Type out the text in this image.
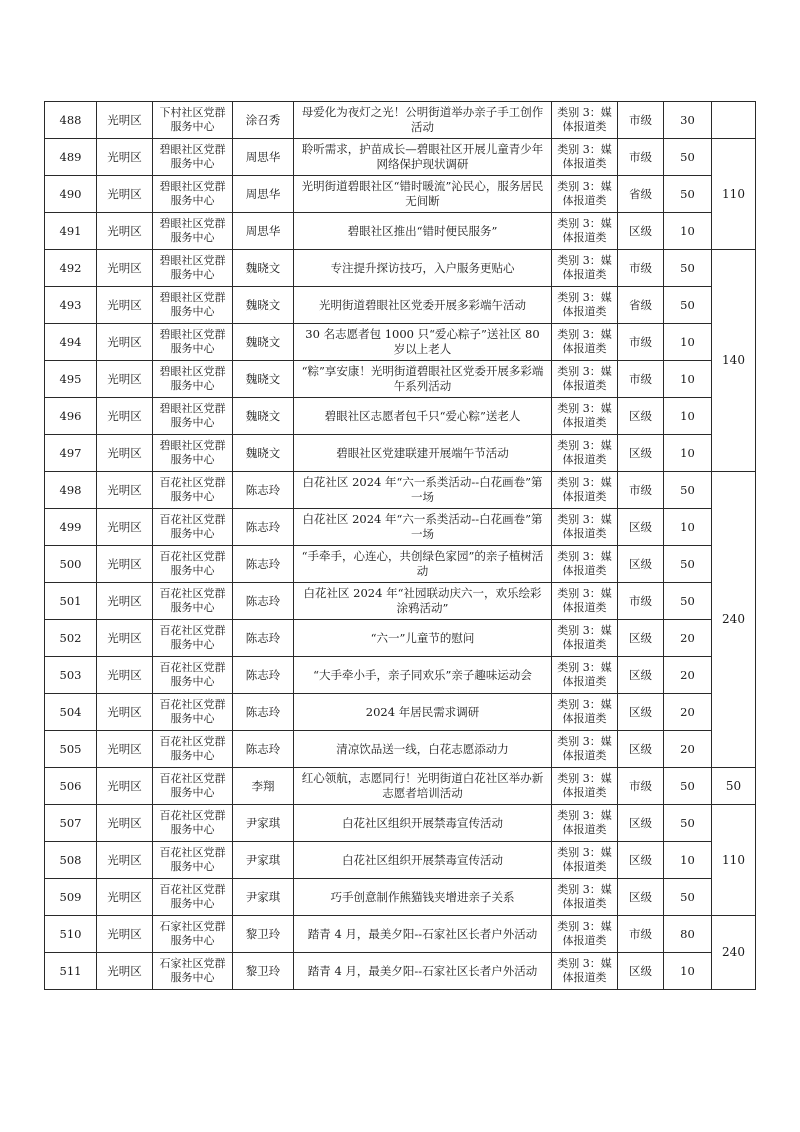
488	光明区	下村社区党群服务中心	涂召秀	母爱化为夜灯之光！公明街道举办亲子手工创作活动	类别 3：媒体报道类	市级	30	
489	光明区	碧眼社区党群服务中心	周思华	聆听需求，护苗成长—碧眼社区开展儿童青少年网络保护现状调研	类别 3：媒体报道类	市级	50	110
490	光明区	碧眼社区党群服务中心	周思华	光明街道碧眼社区“错时暖流”沁民心，服务居民无间断	类别 3：媒体报道类	省级	50	
491	光明区	碧眼社区党群服务中心	周思华	碧眼社区推出“错时便民服务”	类别 3：媒体报道类	区级	10	
492	光明区	碧眼社区党群服务中心	魏晓文	专注提升探访技巧，入户服务更贴心	类别 3：媒体报道类	市级	50	140
493	光明区	碧眼社区党群服务中心	魏晓文	光明街道碧眼社区党委开展多彩端午活动	类别 3：媒体报道类	省级	50	
494	光明区	碧眼社区党群服务中心	魏晓文	30 名志愿者包 1000 只“爱心粽子”送社区 80 岁以上老人	类别 3：媒体报道类	市级	10	
495	光明区	碧眼社区党群服务中心	魏晓文	“粽”享安康！光明街道碧眼社区党委开展多彩端午系列活动	类别 3：媒体报道类	市级	10	
496	光明区	碧眼社区党群服务中心	魏晓文	碧眼社区志愿者包千只“爱心粽”送老人	类别 3：媒体报道类	区级	10	
497	光明区	碧眼社区党群服务中心	魏晓文	碧眼社区党建联建开展端午节活动	类别 3：媒体报道类	区级	10	
498	光明区	百花社区党群服务中心	陈志玲	白花社区 2024 年“六一系类活动--白花画卷”第一场	类别 3：媒体报道类	市级	50	240
499	光明区	百花社区党群服务中心	陈志玲	白花社区 2024 年“六一系类活动--白花画卷”第一场	类别 3：媒体报道类	区级	10	
500	光明区	百花社区党群服务中心	陈志玲	“手牵手，心连心，共创绿色家园”的亲子植树活动	类别 3：媒体报道类	区级	50	
501	光明区	百花社区党群服务中心	陈志玲	白花社区 2024 年“社园联动庆六一，欢乐绘彩涂鸦活动”	类别 3：媒体报道类	市级	50	
502	光明区	百花社区党群服务中心	陈志玲	“六一”儿童节的慰问	类别 3：媒体报道类	区级	20	
503	光明区	百花社区党群服务中心	陈志玲	“大手牵小手，亲子同欢乐”亲子趣味运动会	类别 3：媒体报道类	区级	20	
504	光明区	百花社区党群服务中心	陈志玲	2024 年居民需求调研	类别 3：媒体报道类	区级	20	
505	光明区	百花社区党群服务中心	陈志玲	清凉饮品送一线，白花志愿添动力	类别 3：媒体报道类	区级	20	
506	光明区	百花社区党群服务中心	李翔	红心领航，志愿同行！光明街道白花社区举办新志愿者培训活动	类别 3：媒体报道类	市级	50	50
507	光明区	百花社区党群服务中心	尹家琪	白花社区组织开展禁毒宣传活动	类别 3：媒体报道类	区级	50	110
508	光明区	百花社区党群服务中心	尹家琪	白花社区组织开展禁毒宣传活动	类别 3：媒体报道类	区级	10	
509	光明区	百花社区党群服务中心	尹家琪	巧手创意制作熊猫钱夹增进亲子关系	类别 3：媒体报道类	区级	50	
510	光明区	石家社区党群服务中心	黎卫玲	踏青 4 月，最美夕阳--石家社区长者户外活动	类别 3：媒体报道类	市级	80	240
511	光明区	石家社区党群服务中心	黎卫玲	踏青 4 月，最美夕阳--石家社区长者户外活动	类别 3：媒体报道类	区级	10	
